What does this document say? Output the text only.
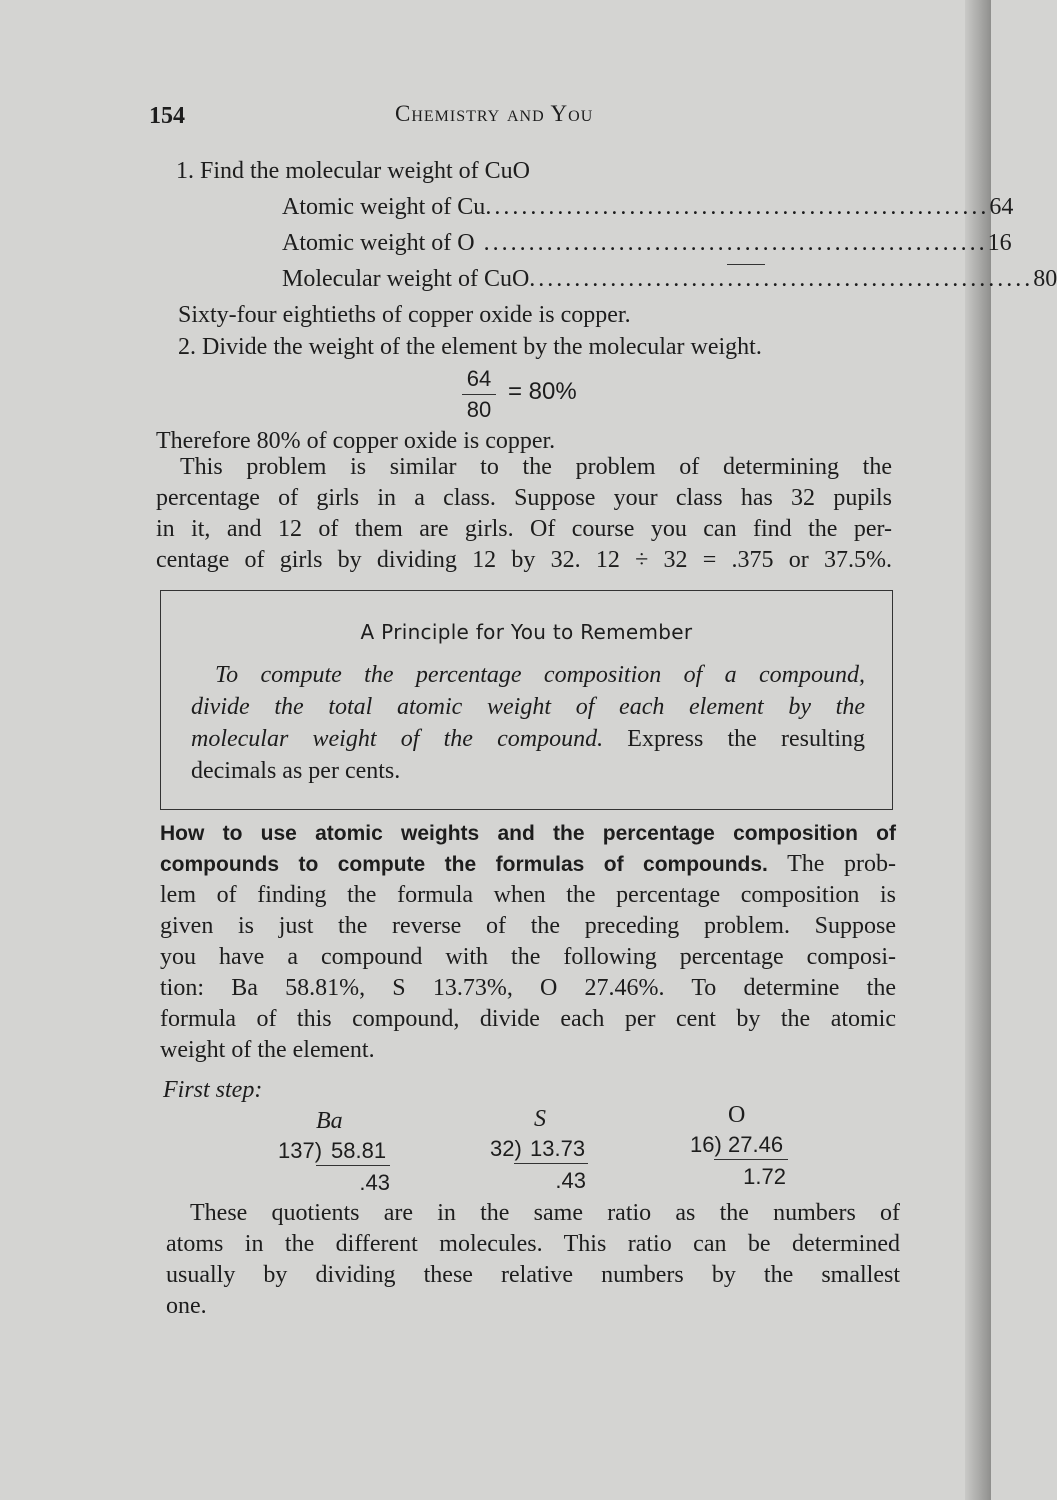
154	Chemistry and You
1. Find the molecular weight of CuO
Atomic weight of Cu ........................................................ 64
Atomic weight of O ........................................................ 16
Molecular weight of CuO ........................................................ 80
Sixty-four eightieths of copper oxide is copper.
2. Divide the weight of the element by the molecular weight.
64
80
= 80%
Therefore 80% of copper oxide is copper.
This problem is similar to the problem of determining the
percentage of girls in a class. Suppose your class has 32 pupils
in it, and 12 of them are girls. Of course you can find the per-
centage of girls by dividing 12 by 32. 12 ÷ 32 = .375 or 37.5%.
A Principle for You to Remember
To compute the percentage composition of a compound,
divide the total atomic weight of each element by the
molecular weight of the compound. Express the resulting
decimals as per cents.
How to use atomic weights and the percentage composition of
compounds to compute the formulas of compounds. The prob-
lem of finding the formula when the percentage composition is
given is just the reverse of the preceding problem. Suppose
you have a compound with the following percentage composi-
tion: Ba 58.81%, S 13.73%, O 27.46%. To determine the
formula of this compound, divide each per cent by the atomic
weight of the element.
First step:
Ba
137) 58.81
.43
S
32) 13.73
.43
O
16) 27.46
1.72
These quotients are in the same ratio as the numbers of
atoms in the different molecules. This ratio can be determined
usually by dividing these relative numbers by the smallest
one.
